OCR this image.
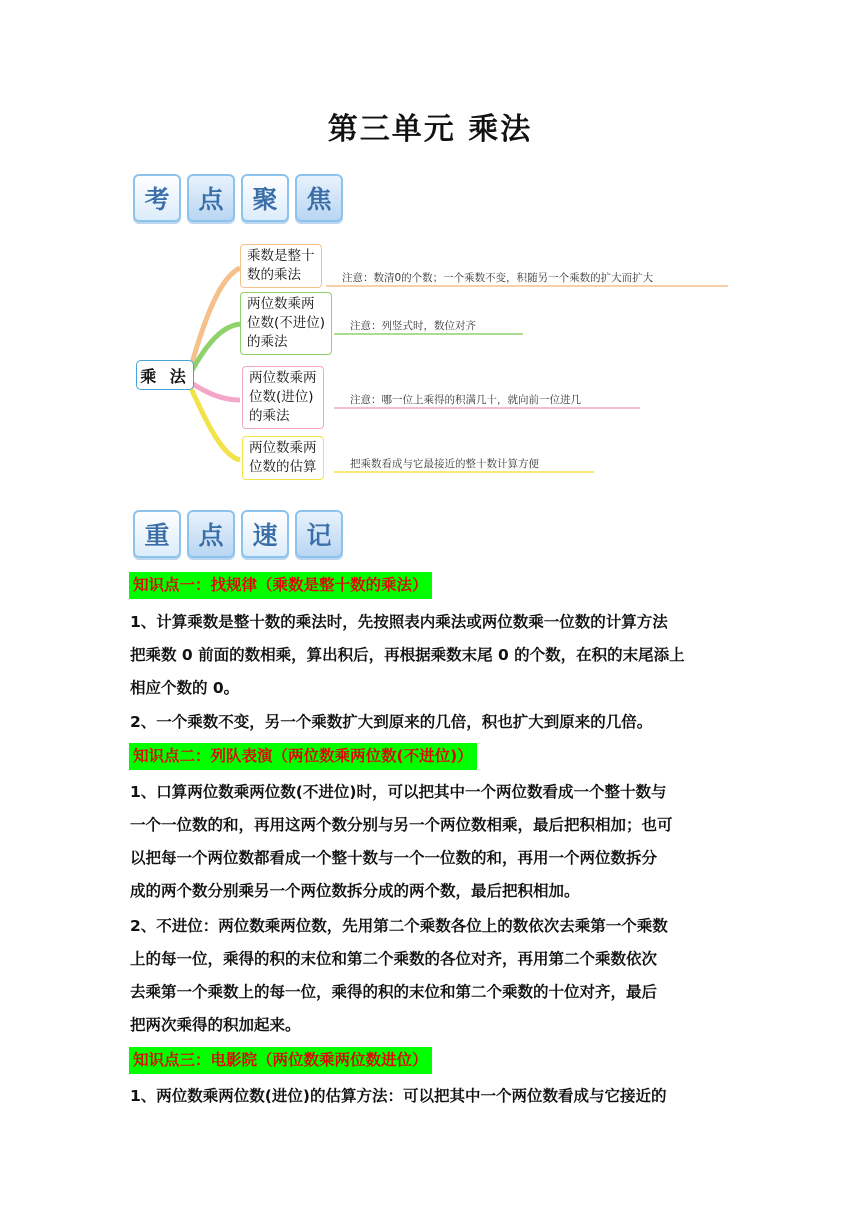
第三单元 乘法
考	点	聚	焦
乘 法
乘数是整十
数的乘法	注意：数清0的个数；一个乘数不变，积随另一个乘数的扩大而扩大
两位数乘两
位数(不进位)
的乘法
注意：列竖式时，数位对齐
两位数乘两
位数(进位)
的乘法
注意：哪一位上乘得的积满几十，就向前一位进几
两位数乘两
位数的估算	把乘数看成与它最接近的整十数计算方便
重	点	速	记
知识点一：找规律（乘数是整十数的乘法）
1、计算乘数是整十数的乘法时，先按照表内乘法或两位数乘一位数的计算方法
把乘数 0 前面的数相乘，算出积后，再根据乘数末尾 0 的个数，在积的末尾添上
相应个数的 0。
2、一个乘数不变，另一个乘数扩大到原来的几倍，积也扩大到原来的几倍。
知识点二：列队表演（两位数乘两位数(不进位)）
1、口算两位数乘两位数(不进位)时，可以把其中一个两位数看成一个整十数与
一个一位数的和，再用这两个数分别与另一个两位数相乘，最后把积相加；也可
以把每一个两位数都看成一个整十数与一个一位数的和，再用一个两位数拆分
成的两个数分别乘另一个两位数拆分成的两个数，最后把积相加。
2、不进位：两位数乘两位数，先用第二个乘数各位上的数依次去乘第一个乘数
上的每一位，乘得的积的末位和第二个乘数的各位对齐，再用第二个乘数依次
去乘第一个乘数上的每一位，乘得的积的末位和第二个乘数的十位对齐，最后
把两次乘得的积加起来。
知识点三：电影院（两位数乘两位数进位）
1、两位数乘两位数(进位)的估算方法：可以把其中一个两位数看成与它接近的
